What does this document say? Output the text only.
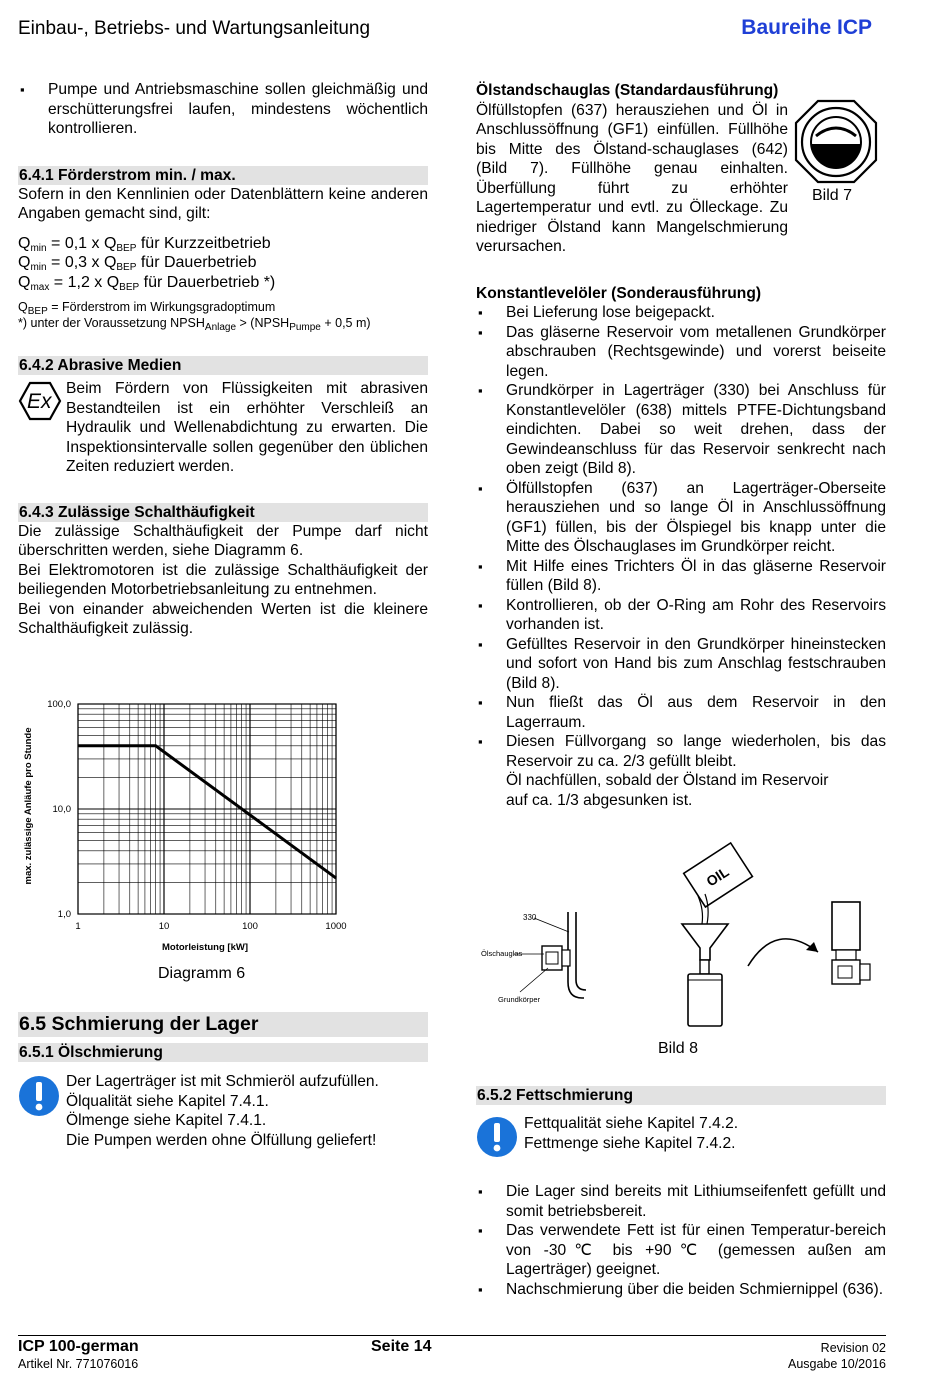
Einbau-, Betriebs- und Wartungsanleitung	Baureihe ICP
▪ Pumpe und Antriebsmaschine sollen gleichmäßig und erschütterungsfrei laufen, mindestens wöchentlich kontrollieren.
6.4.1 Förderstrom min. / max.
Sofern in den Kennlinien oder Datenblättern keine anderen Angaben gemacht sind, gilt:
$Q_{min} = 0,1$ x $Q_{BEP}$ für Kurzzeitbetrieb
$Q_{min} = 0,3$ x $Q_{BEP}$ für Dauerbetrieb
$Q_{max} = 1,2$ x $Q_{BEP}$ für Dauerbetrieb *)
$Q_{BEP}$ = Förderstrom im Wirkungsgradoptimum
*) unter der Voraussetzung $NPSH_{Anlage}$ > ($NPSH_{Pumpe} + 0,5$ m)
6.4.2 Abrasive Medien
Ex
Beim Fördern von Flüssigkeiten mit abrasiven Bestandteilen ist ein erhöhter Verschleiß an Hydraulik und Wellenabdichtung zu erwarten. Die Inspektionsintervalle sollen gegenüber den üblichen Zeiten reduziert werden.
6.4.3 Zulässige Schalthäufigkeit
Die zulässige Schalthäufigkeit der Pumpe darf nicht überschritten werden, siehe Diagramm 6.
Bei Elektromotoren ist die zulässige Schalthäufigkeit der beiliegenden Motorbetriebsanleitung zu entnehmen.
Bei von einander abweichenden Werten ist die kleinere Schalthäufigkeit zulässig.
1,0
10,0
100,0
1	10	100	1000
max. zulässige Anläufe pro Stunde
Motorleistung [kW]
Diagramm 6
6.5 Schmierung der Lager
6.5.1 Ölschmierung
Der Lagerträger ist mit Schmieröl aufzufüllen.
Ölqualität siehe Kapitel 7.4.1.
Ölmenge siehe Kapitel 7.4.1.
Die Pumpen werden ohne Ölfüllung geliefert!
Ölstandschauglas (Standardausführung)
Ölfüllstopfen (637) herausziehen und Öl in Anschlussöffnung (GF1) einfüllen. Füllhöhe bis Mitte des Ölstand-schauglases (642) (Bild 7). Füllhöhe genau einhalten. Überfüllung führt zu erhöhter Lagertemperatur und evtl. zu Ölleckage. Zu niedriger Ölstand kann Mangelschmierung verursachen.
Konstantlevelöler (Sonderausführung)
▪ Bei Lieferung lose beigepackt.
▪ Das gläserne Reservoir vom metallenen Grundkörper abschrauben (Rechtsgewinde) und vorerst beiseite legen.
▪ Grundkörper in Lagerträger (330) bei Anschluss für Konstantlevelöler (638) mittels PTFE-Dichtungsband eindichten. Dabei so weit drehen, dass der Gewindeanschluss für das Reservoir senkrecht nach oben zeigt (Bild 8).
▪ Ölfüllstopfen (637) an Lagerträger-Oberseite herausziehen und so lange Öl in Anschlussöffnung (GF1) füllen, bis der Ölspiegel bis knapp unter die Mitte des Ölschauglases im Grundkörper reicht.
▪ Mit Hilfe eines Trichters Öl in das gläserne Reservoir füllen (Bild 8).
▪ Kontrollieren, ob der O-Ring am Rohr des Reservoirs vorhanden ist.
▪ Gefülltes Reservoir in den Grundkörper hineinstecken und sofort von Hand bis zum Anschlag festschrauben (Bild 8).
▪ Nun fließt das Öl aus dem Reservoir in den Lagerraum.
▪ Diesen Füllvorgang so lange wiederholen, bis das Reservoir zu ca. 2/3 gefüllt bleibt.
Öl nachfüllen, sobald der Ölstand im Reservoir
auf ca. 1/3 abgesunken ist.
Bild 7
330
Ölschauglas
Grundkörper
OIL
Bild 8
6.5.2 Fettschmierung
Fettqualität siehe Kapitel 7.4.2.
Fettmenge siehe Kapitel 7.4.2.
▪ Die Lager sind bereits mit Lithiumseifenfett gefüllt und somit betriebsbereit.
▪ Das verwendete Fett ist für einen Temperatur-bereich von -30℃ bis +90℃ (gemessen außen am Lagerträger) geeignet.
▪ Nachschmierung über die beiden Schmiernippel (636).
ICP 100-german	Seite 14	Revision 02
Artikel Nr. 771076016	Ausgabe 10/2016
